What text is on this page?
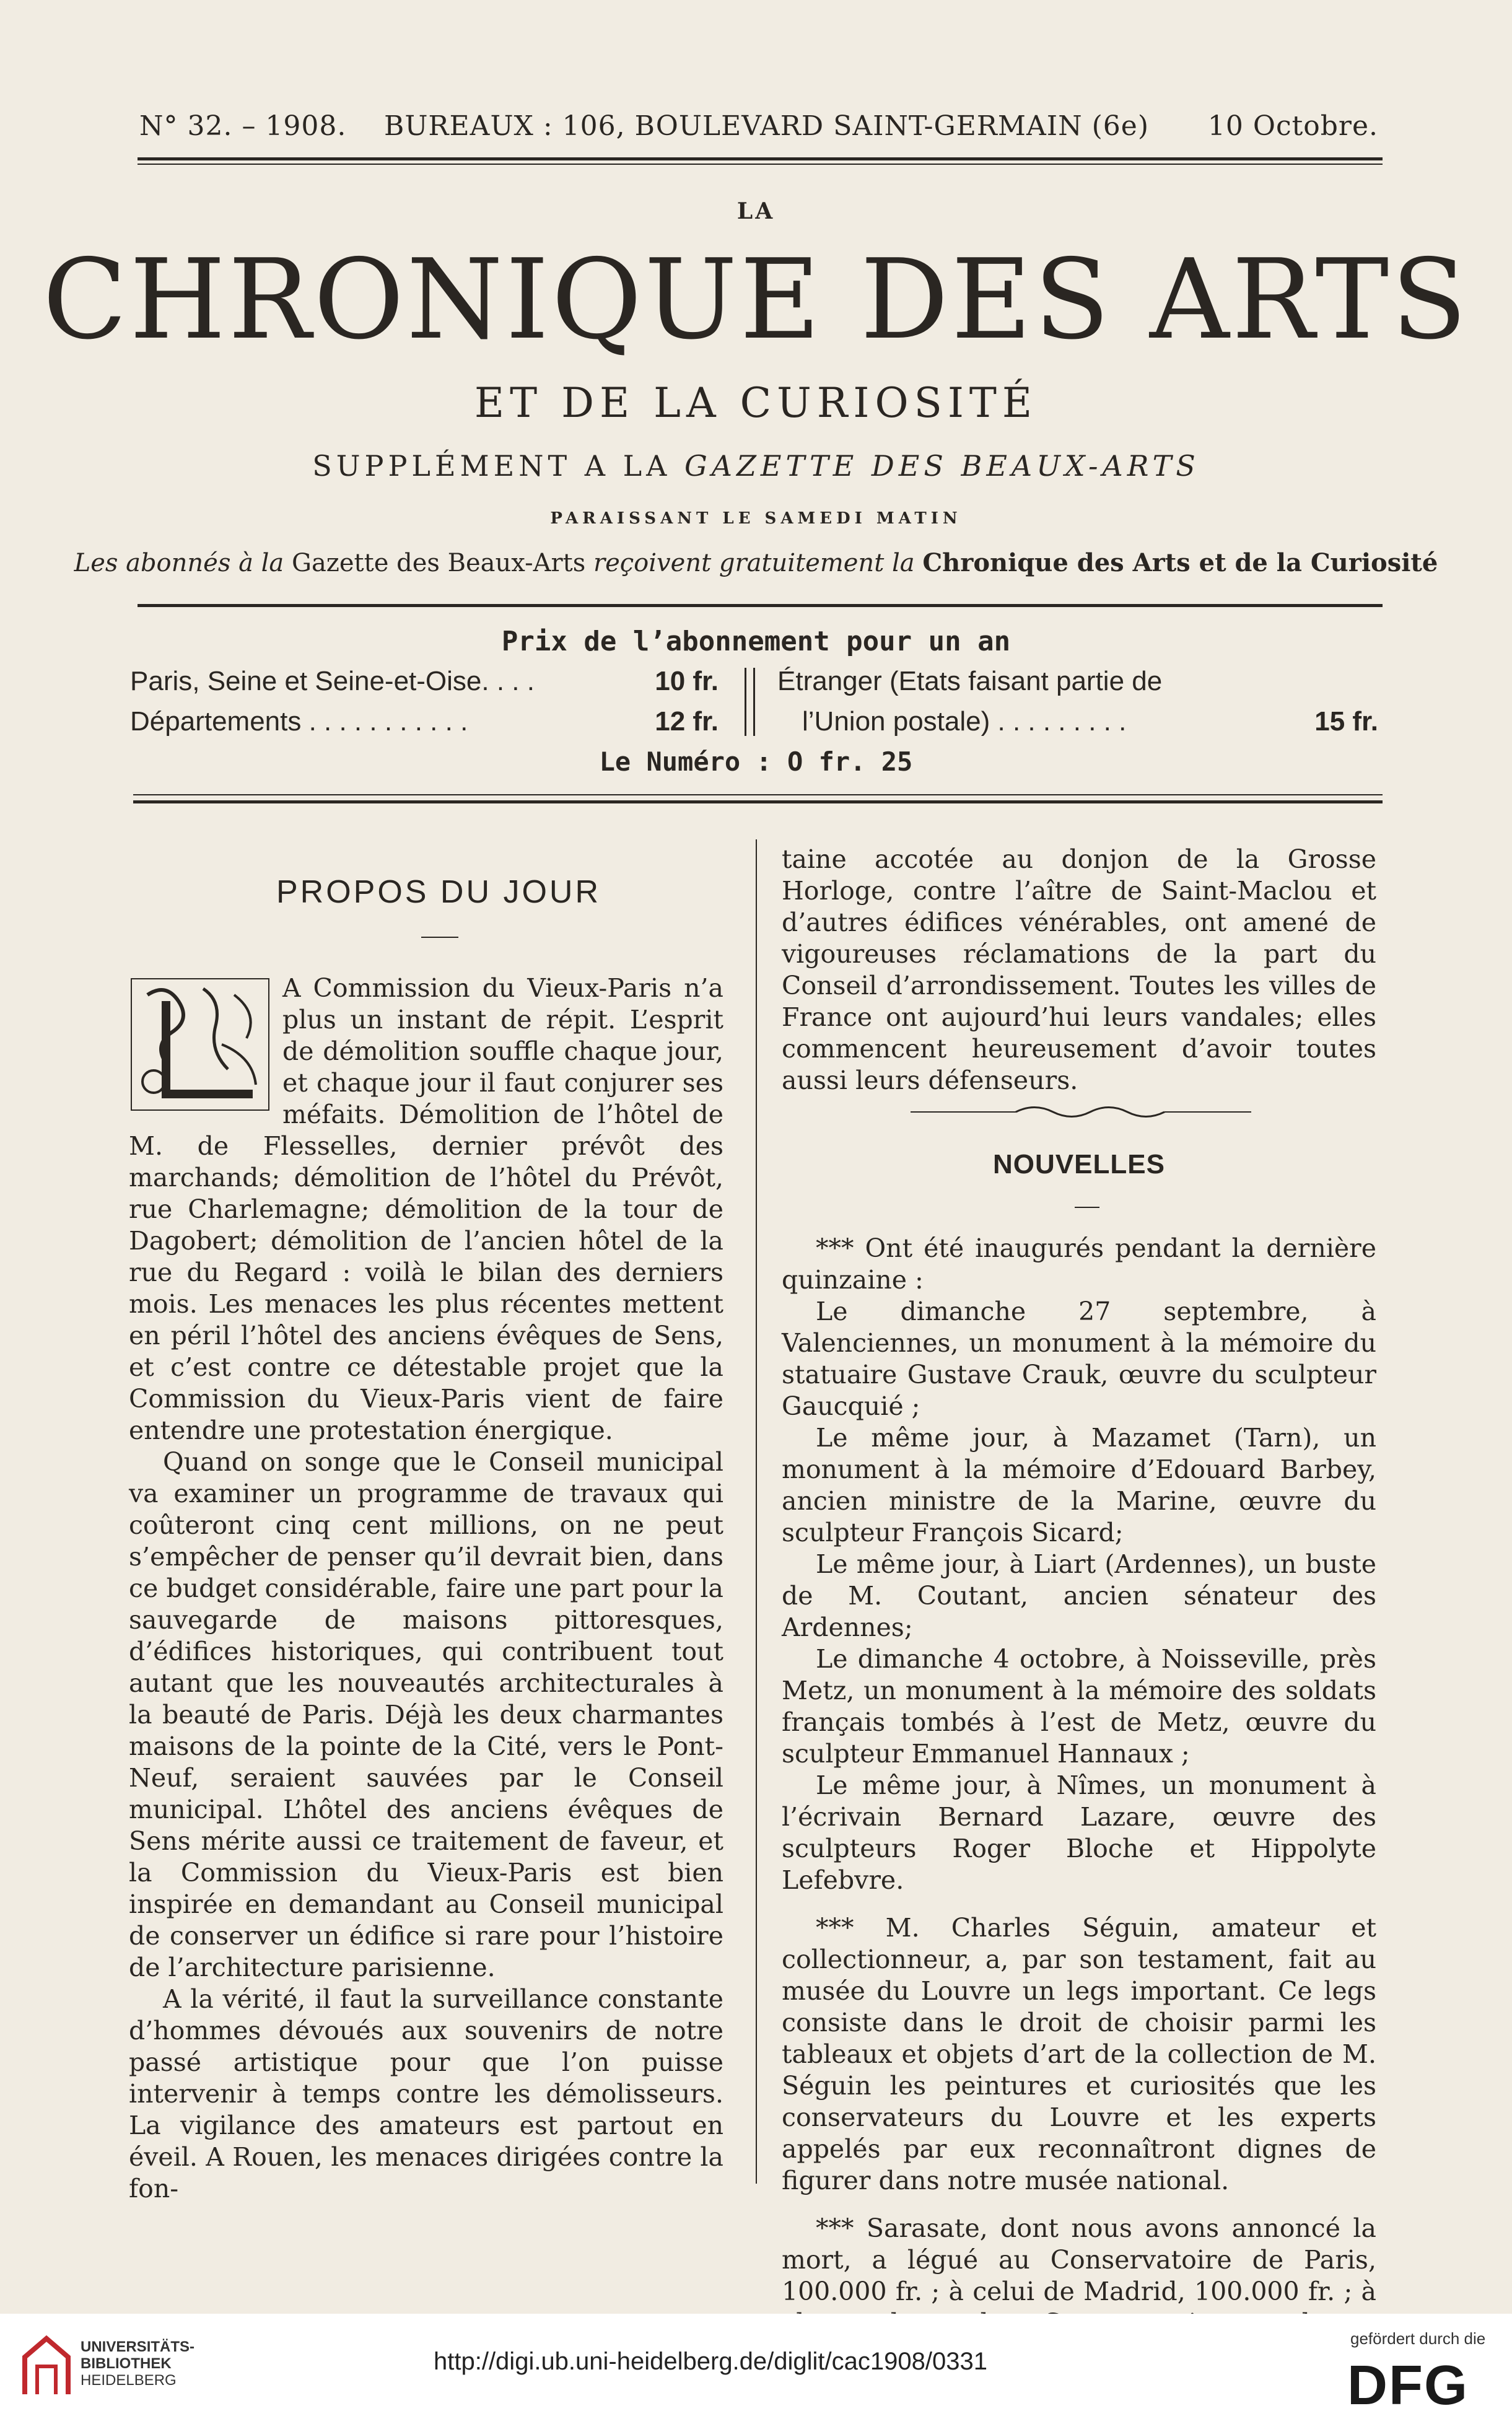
N° 32. – 1908. BUREAUX : 106, BOULEVARD SAINT-GERMAIN (6e) 10 Octobre.
LA
CHRONIQUE DES ARTS
ET DE LA CURIOSITÉ
SUPPLÉMENT A LA GAZETTE DES BEAUX-ARTS
PARAISSANT LE SAMEDI MATIN
Les abonnés à la Gazette des Beaux-Arts reçoivent gratuitement la Chronique des Arts et de la Curiosité
Prix de l’abonnement pour un an
Paris, Seine et Seine-et-Oise. . . .	10 fr.
Départements . . . . . . . . . . .	12 fr.
Étranger (Etats faisant partie de
l’Union postale) . . . . . . . . .	15 fr.
Le Numéro : O fr. 25
PROPOS DU JOUR

A Commission du Vieux-Paris n’a plus un instant de répit. L’esprit de démolition souffle chaque jour, et chaque jour il faut conjurer ses méfaits. Démolition de l’hôtel de M. de Flesselles, dernier prévôt des marchands; démolition de l’hôtel du Prévôt, rue Charlemagne; démolition de la tour de Dagobert; démolition de l’ancien hôtel de la rue du Regard : voilà le bilan des derniers mois. Les menaces les plus récentes mettent en péril l’hôtel des anciens évêques de Sens, et c’est contre ce détestable projet que la Commission du Vieux-Paris vient de faire entendre une protestation énergique.

Quand on songe que le Conseil municipal va examiner un programme de travaux qui coûteront cinq cent millions, on ne peut s’empêcher de penser qu’il devrait bien, dans ce budget considérable, faire une part pour la sauvegarde de maisons pittoresques, d’édifices historiques, qui contribuent tout autant que les nouveautés architecturales à la beauté de Paris. Déjà les deux charmantes maisons de la pointe de la Cité, vers le Pont-Neuf, seraient sauvées par le Conseil municipal. L’hôtel des anciens évêques de Sens mérite aussi ce traitement de faveur, et la Commission du Vieux-Paris est bien inspirée en demandant au Conseil municipal de conserver un édifice si rare pour l’histoire de l’architecture parisienne.

A la vérité, il faut la surveillance constante d’hommes dévoués aux souvenirs de notre passé artistique pour que l’on puisse intervenir à temps contre les démolisseurs. La vigilance des amateurs est partout en éveil. A Rouen, les menaces dirigées contre la fon-

taine accotée au donjon de la Grosse Horloge, contre l’aître de Saint-Maclou et d’autres édifices vénérables, ont amené de vigoureuses réclamations de la part du Conseil d’arrondissement. Toutes les villes de France ont aujourd’hui leurs vandales; elles commencent heureusement d’avoir toutes aussi leurs défenseurs.

NOUVELLES

*** Ont été inaugurés pendant la dernière quinzaine :

Le dimanche 27 septembre, à Valenciennes, un monument à la mémoire du statuaire Gustave Crauk, œuvre du sculpteur Gaucquié ;

Le même jour, à Mazamet (Tarn), un monument à la mémoire d’Edouard Barbey, ancien ministre de la Marine, œuvre du sculpteur François Sicard;

Le même jour, à Liart (Ardennes), un buste de M. Coutant, ancien sénateur des Ardennes;

Le dimanche 4 octobre, à Noisseville, près Metz, un monument à la mémoire des soldats français tombés à l’est de Metz, œuvre du sculpteur Emmanuel Hannaux ;

Le même jour, à Nîmes, un monument à l’écrivain Bernard Lazare, œuvre des sculpteurs Roger Bloche et Hippolyte Lefebvre.

*** M. Charles Séguin, amateur et collectionneur, a, par son testament, fait au musée du Louvre un legs important. Ce legs consiste dans le droit de choisir parmi les tableaux et objets d’art de la collection de M. Séguin les peintures et curiosités que les conservateurs du Louvre et les experts appelés par eux reconnaîtront dignes de figurer dans notre musée national.

*** Sarasate, dont nous avons annoncé la mort, a légué au Conservatoire de Paris, 100.000 fr. ; à celui de Madrid, 100.000 fr. ; à

UNIVERSITÄTS-
BIBLIOTHEK
HEIDELBERG
http://digi.ub.uni-heidelberg.de/diglit/cac1908/0331
gefördert durch die
DFG
